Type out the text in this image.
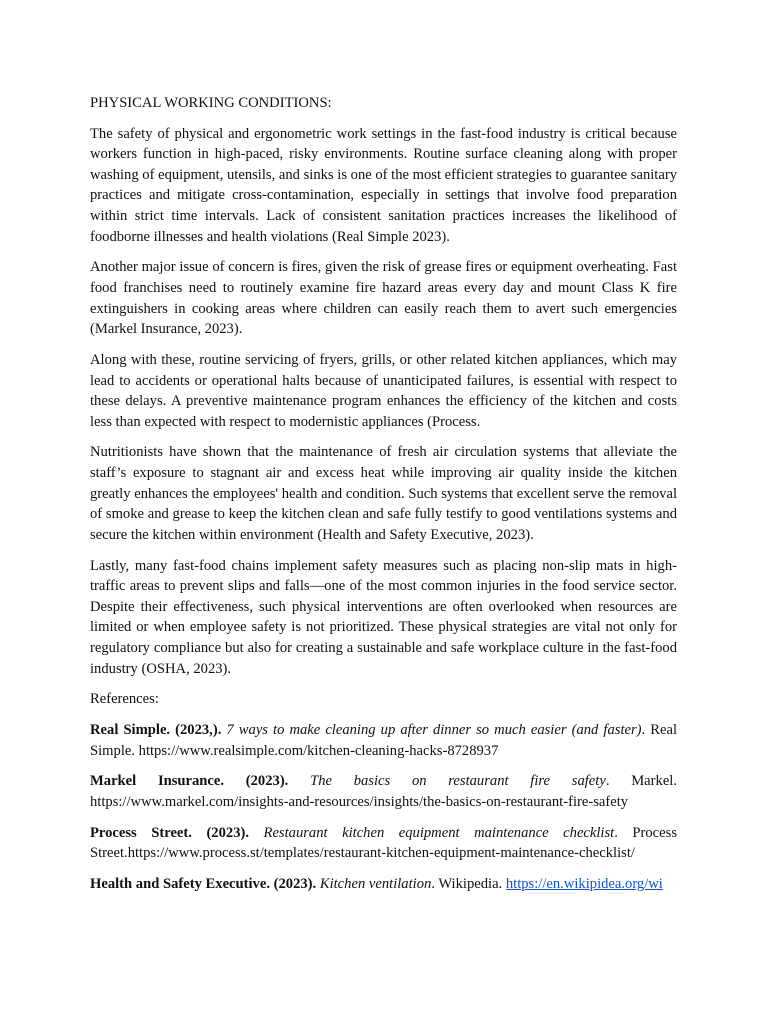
PHYSICAL WORKING CONDITIONS:

The safety of physical and ergonometric work settings in the fast-food industry is critical because workers function in high-paced, risky environments. Routine surface cleaning along with proper washing of equipment, utensils, and sinks is one of the most efficient strategies to guarantee sanitary practices and mitigate cross-contamination, especially in settings that involve food preparation within strict time intervals. Lack of consistent sanitation practices increases the likelihood of foodborne illnesses and health violations (Real Simple 2023).

Another major issue of concern is fires, given the risk of grease fires or equipment overheating. Fast food franchises need to routinely examine fire hazard areas every day and mount Class K fire extinguishers in cooking areas where children can easily reach them to avert such emergencies (Markel Insurance, 2023).

Along with these, routine servicing of fryers, grills, or other related kitchen appliances, which may lead to accidents or operational halts because of unanticipated failures, is essential with respect to these delays. A preventive maintenance program enhances the efficiency of the kitchen and costs less than expected with respect to modernistic appliances (Process.

Nutritionists have shown that the maintenance of fresh air circulation systems that alleviate the staff’s exposure to stagnant air and excess heat while improving air quality inside the kitchen greatly enhances the employees' health and condition. Such systems that excellent serve the removal of smoke and grease to keep the kitchen clean and safe fully testify to good ventilations systems and secure the kitchen within environment (Health and Safety Executive, 2023).

Lastly, many fast-food chains implement safety measures such as placing non-slip mats in high-traffic areas to prevent slips and falls—one of the most common injuries in the food service sector. Despite their effectiveness, such physical interventions are often overlooked when resources are limited or when employee safety is not prioritized. These physical strategies are vital not only for regulatory compliance but also for creating a sustainable and safe workplace culture in the fast-food industry (OSHA, 2023).

References:

Real Simple. (2023,). 7 ways to make cleaning up after dinner so much easier (and faster). Real Simple. https://www.realsimple.com/kitchen-cleaning-hacks-8728937

Markel Insurance. (2023). The basics on restaurant fire safety. Markel. https://www.markel.com/insights-and-resources/insights/the-basics-on-restaurant-fire-safety

Process Street. (2023). Restaurant kitchen equipment maintenance checklist. Process Street.https://www.process.st/templates/restaurant-kitchen-equipment-maintenance-checklist/

Health and Safety Executive. (2023). Kitchen ventilation. Wikipedia. https://en.wikipidea.org/wi
